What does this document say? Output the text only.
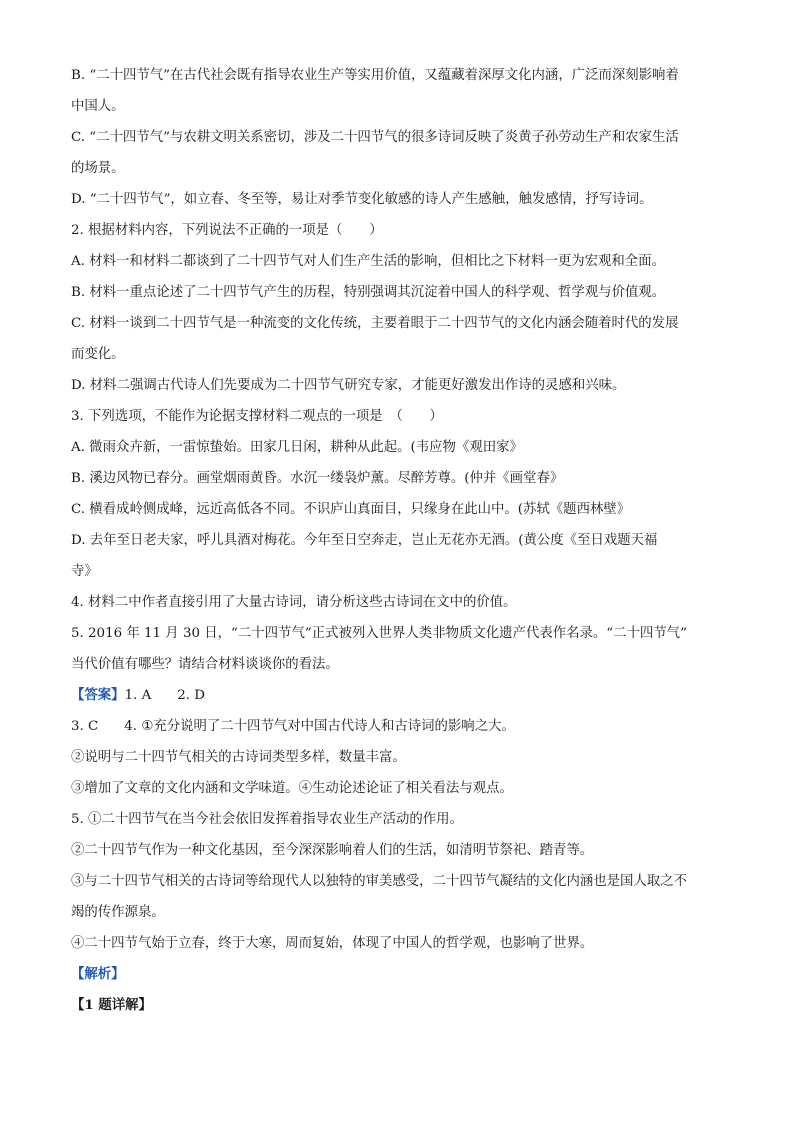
B. “二十四节气”在古代社会既有指导农业生产等实用价值，又蕴藏着深厚文化内涵，广泛而深刻影响着
中国人。
C. “二十四节气”与农耕文明关系密切，涉及二十四节气的很多诗词反映了炎黄子孙劳动生产和农家生活
的场景。
D. “二十四节气”，如立春、冬至等，易让对季节变化敏感的诗人产生感触，触发感情，抒写诗词。
2. 根据材料内容，下列说法不正确的一项是（　　）
A. 材料一和材料二都谈到了二十四节气对人们生产生活的影响，但相比之下材料一更为宏观和全面。
B. 材料一重点论述了二十四节气产生的历程，特别强调其沉淀着中国人的科学观、哲学观与价值观。
C. 材料一谈到二十四节气是一种流变的文化传统，主要着眼于二十四节气的文化内涵会随着时代的发展
而变化。
D. 材料二强调古代诗人们先要成为二十四节气研究专家，才能更好激发出作诗的灵感和兴味。
3. 下列选项，不能作为论据支撑材料二观点的一项是　（　　）
A. 微雨众卉新，一雷惊蛰始。田家几日闲，耕种从此起。(韦应物《观田家》
B. 溪边风物已春分。画堂烟雨黄昏。水沉一缕袅炉薰。尽醉芳尊。(仲并《画堂春》
C. 横看成岭侧成峰，远近高低各不同。不识庐山真面目，只缘身在此山中。(苏轼《题西林壁》
D. 去年至日老夫家，呼儿具酒对梅花。今年至日空奔走，岂止无花亦无酒。(黄公度《至日戏题天福
寺》
4. 材料二中作者直接引用了大量古诗词，请分析这些古诗词在文中的价值。
5. 2016 年 11 月 30 日，“二十四节气”正式被列入世界人类非物质文化遗产代表作名录。“二十四节气”
当代价值有哪些？请结合材料谈谈你的看法。
【答案】1. A 2. D
3. C 4. ①充分说明了二十四节气对中国古代诗人和古诗词的影响之大。
②说明与二十四节气相关的古诗词类型多样，数量丰富。
③增加了文章的文化内涵和文学味道。④生动论述论证了相关看法与观点。
5. ①二十四节气在当今社会依旧发挥着指导农业生产活动的作用。
②二十四节气作为一种文化基因，至今深深影响着人们的生活，如清明节祭祀、踏青等。
③与二十四节气相关的古诗词等给现代人以独特的审美感受，二十四节气凝结的文化内涵也是国人取之不
竭的传作源泉。
④二十四节气始于立春，终于大寒，周而复始，体现了中国人的哲学观，也影响了世界。
【解析】
【1 题详解】
